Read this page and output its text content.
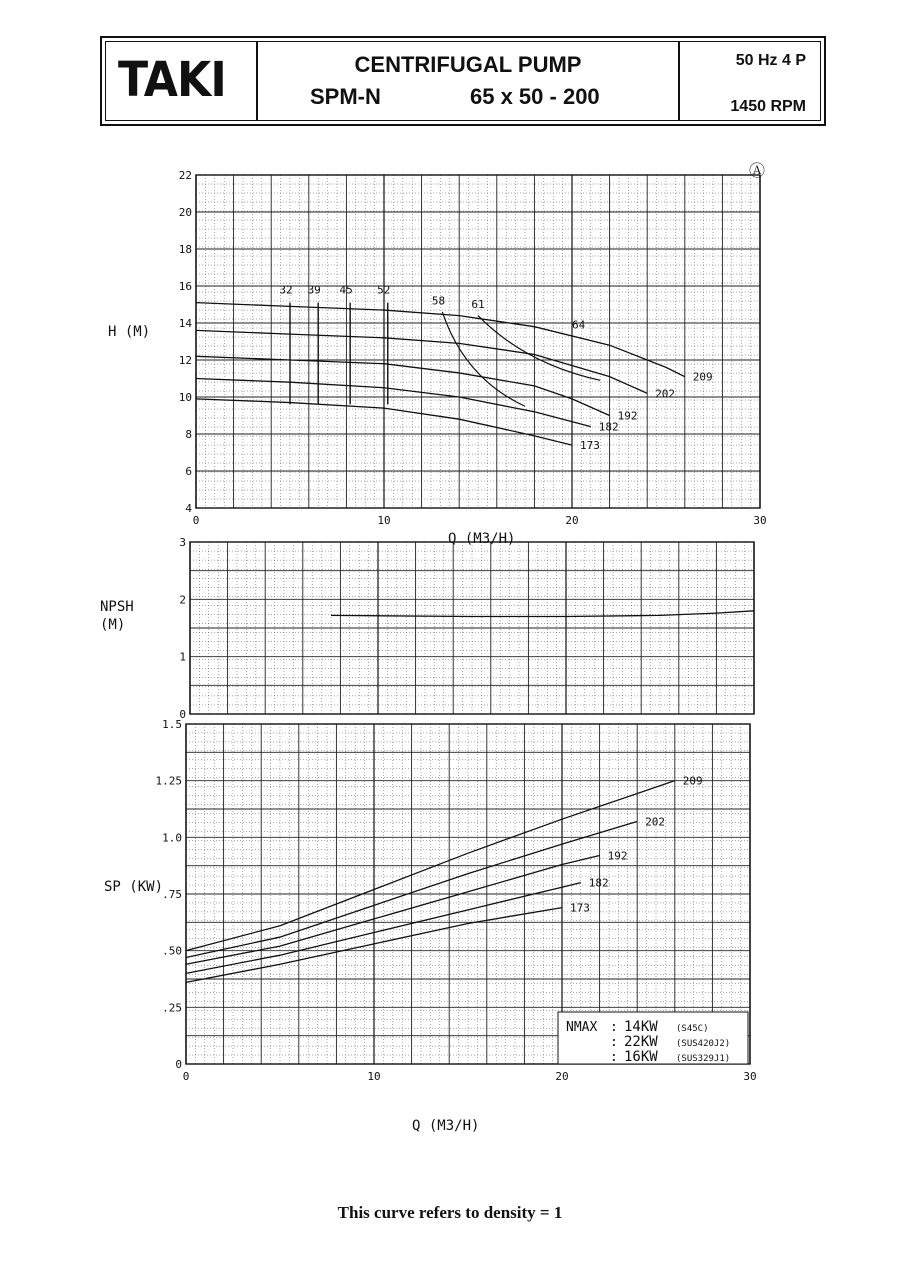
TAKI	CENTRIFUGAL PUMP
SPM-N	65 x 50 - 200
50 Hz 4 P
1450 RPM
Ⓐ
4
6
8
10
12
14
16
18
20
22
0	10	20	30
0
1
2
3
0
.25
.50
.75
1.0
1.25
1.5
0	10	20	30
209
202
192
182
173
32 39 45 52
58 61
64
209
202
192
182
173
NMAX : 14KW (S45C)
: 22KW (SUS420J2)
: 16KW (SUS329J1)
H (M)
Q (M3/H)
NPSH (M)
SP (KW)
Q (M3/H)
This curve refers to density = 1
